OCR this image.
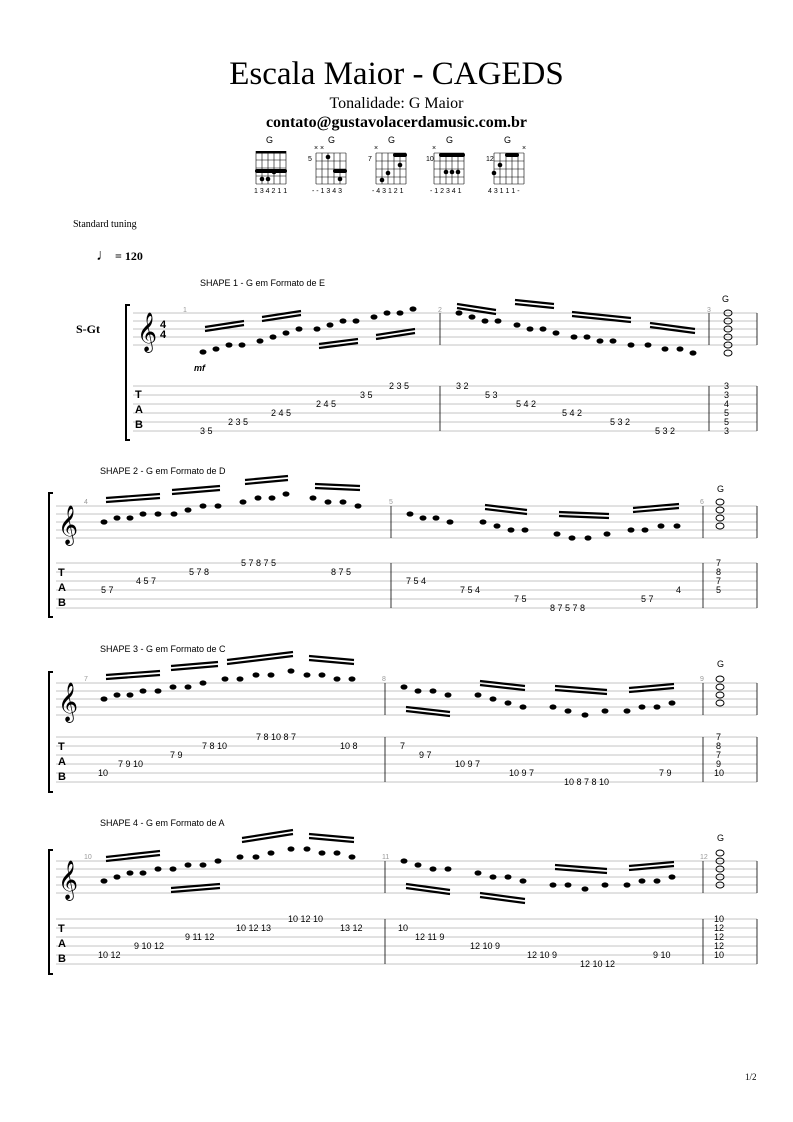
Escala Maior - CAGEDS
Tonalidade: G Maior
contato@gustavolacerdamusic.com.br
G
1 3 4 2 1 1
G
× ×
5
- - 1 3 4 3
G
×
7
- 4 3 1 2 1
G
×
10
- 1 2 3 4 1
G
×
12
4 3 1 1 1 -
Standard tuning
♩ = 120
S-Gt
SHAPE 1 - G em Formato de E
SHAPE 2 - G em Formato de D
SHAPE 3 - G em Formato de C
SHAPE 4 - G em Formato de A
𝄞 4
4
T
A
B
1	2	3
G
mf
3 5
2 3 5
2 4 5
2 4 5
3 5
2 3 5	3 2
5 3
5 4 2
5 4 2
5 3 2
5 3 2
3
3
4
5
5
3
𝄞
T
A
B
4	5	6
G
5 7
4 5 7
5 7 8
5 7 8 7 5
8 7 5
7 5 4
7 5 4
7 5
8 7 5 7 8
5 7
4
7
8
7
5
𝄞
T
A
B
7	8	9
G
10
7 9 10
7 9
7 8 10
7 8 10 8 7
10 8	7
9 7
10 9 7
10 9 7
10 8 7 8 10
7 9
7
8
7
9
10
𝄞
T
A
B
10	11	12
G
10 12
9 10 12
9 11 12
10 12 13
10 12 10
13 12	10
12 11 9
12 10 9
12 10 9
12 10 12
9 10
10
12
12
12
10
1/2
